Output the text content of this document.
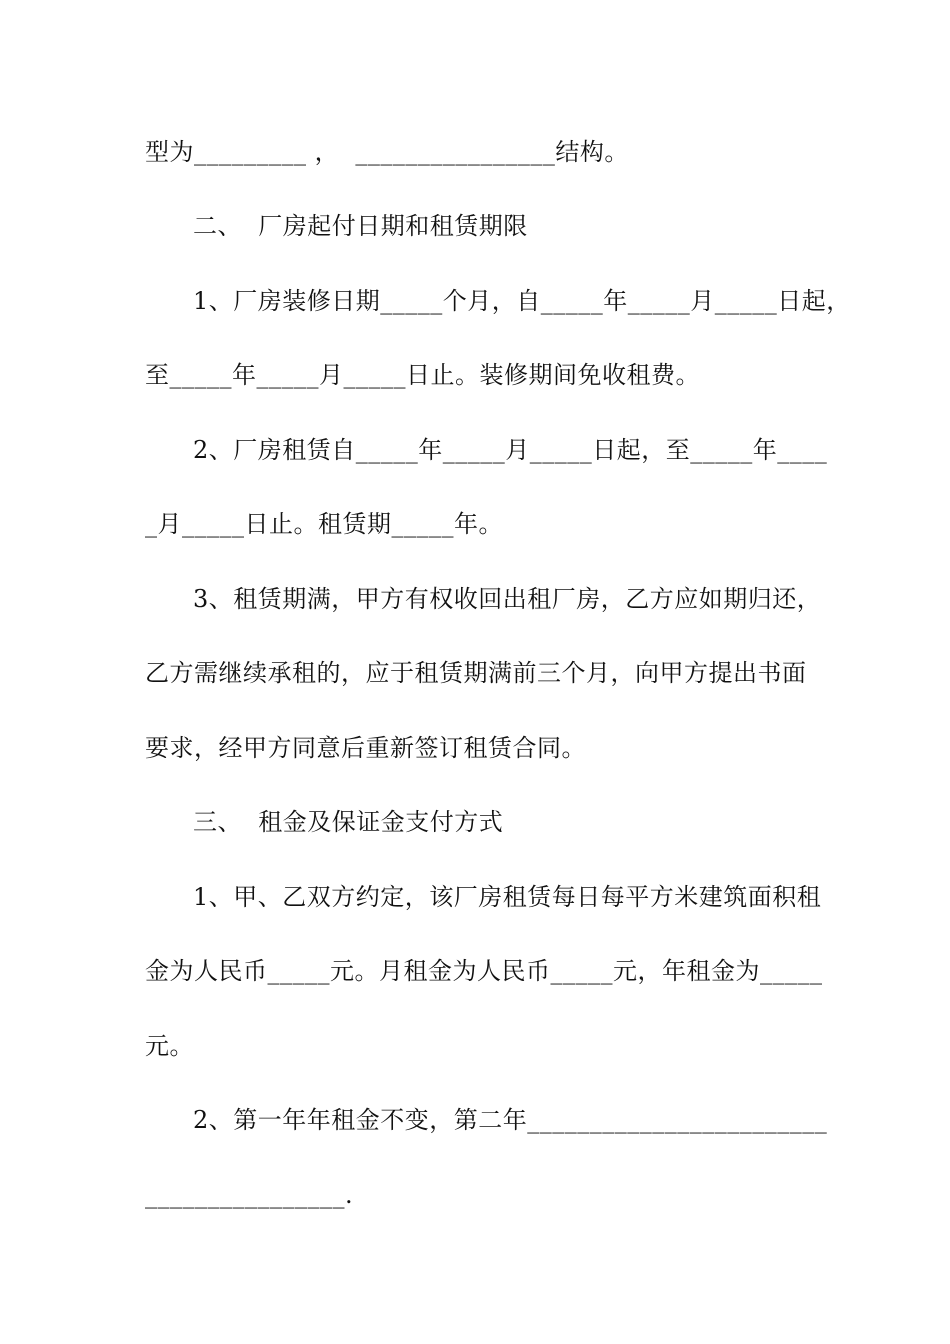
型为_________ ，  ________________结构。
二、  厂房起付日期和租赁期限
1、厂房装修日期_____个月，自_____年_____月_____日起，
至_____年_____月_____日止。装修期间免收租费。
2、厂房租赁自_____年_____月_____日起，至_____年____
_月_____日止。租赁期_____年。
3、租赁期满，甲方有权收回出租厂房，乙方应如期归还，
乙方需继续承租的，应于租赁期满前三个月，向甲方提出书面
要求，经甲方同意后重新签订租赁合同。
三、  租金及保证金支付方式
1、甲、乙双方约定，该厂房租赁每日每平方米建筑面积租
金为人民币_____元。月租金为人民币_____元，年租金为_____
元。
2、第一年年租金不变，第二年________________________
________________.
